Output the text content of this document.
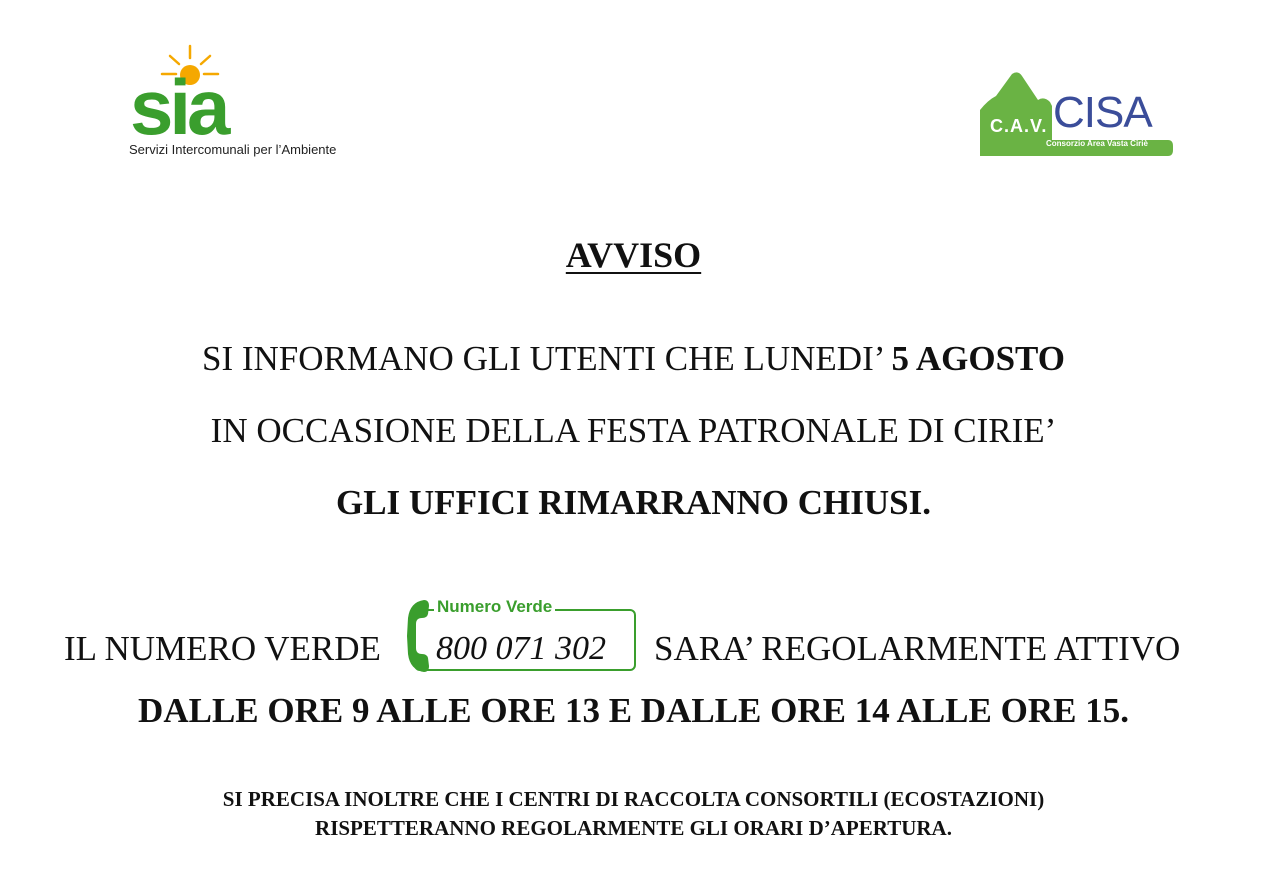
sia
Servizi Intercomunali per l’Ambiente
C.A.V. CISA
Consorzio Area Vasta Ciriè
AVVISO
SI INFORMANO GLI UTENTI CHE LUNEDI’ 5 AGOSTO
IN OCCASIONE DELLA FESTA PATRONALE DI CIRIE’
GLI UFFICI RIMARRANNO CHIUSI.
IL NUMERO VERDE
Numero Verde
800 071 302 SARA’ REGOLARMENTE ATTIVO
DALLE ORE 9 ALLE ORE 13 E DALLE ORE 14 ALLE ORE 15.
SI PRECISA INOLTRE CHE I CENTRI DI RACCOLTA CONSORTILI (ECOSTAZIONI)
RISPETTERANNO REGOLARMENTE GLI ORARI D’APERTURA.
